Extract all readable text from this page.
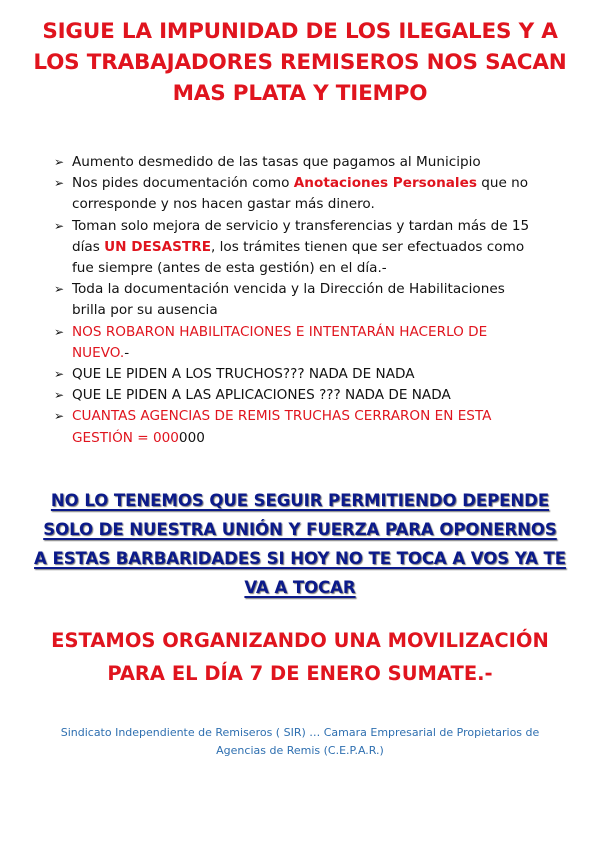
SIGUE LA IMPUNIDAD DE LOS ILEGALES Y A
LOS TRABAJADORES REMISEROS NOS SACAN
MAS PLATA Y TIEMPO
➢ Aumento desmedido de las tasas que pagamos al Municipio
➢ Nos pides documentación como Anotaciones Personales que no
corresponde y nos hacen gastar más dinero.
➢ Toman solo mejora de servicio y transferencias y tardan más de 15
días UN DESASTRE, los trámites tienen que ser efectuados como
fue siempre (antes de esta gestión) en el día.-
➢ Toda la documentación vencida y la Dirección de Habilitaciones
brilla por su ausencia
➢ NOS ROBARON HABILITACIONES E INTENTARÁN HACERLO DE
NUEVO.-
➢ QUE LE PIDEN A LOS TRUCHOS??? NADA DE NADA
➢ QUE LE PIDEN A LAS APLICACIONES ??? NADA DE NADA
➢ CUANTAS AGENCIAS DE REMIS TRUCHAS CERRARON EN ESTA
GESTIÓN = 000000

NO LO TENEMOS QUE SEGUIR PERMITIENDO DEPENDE
SOLO DE NUESTRA UNIÓN Y FUERZA PARA OPONERNOS
A ESTAS BARBARIDADES SI HOY NO TE TOCA A VOS YA TE
VA A TOCAR

ESTAMOS ORGANIZANDO UNA MOVILIZACIÓN
PARA EL DÍA 7 DE ENERO SUMATE.-

Sindicato Independiente de Remiseros ( SIR) … Camara Empresarial de Propietarios de
Agencias de Remis (C.E.P.A.R.)
